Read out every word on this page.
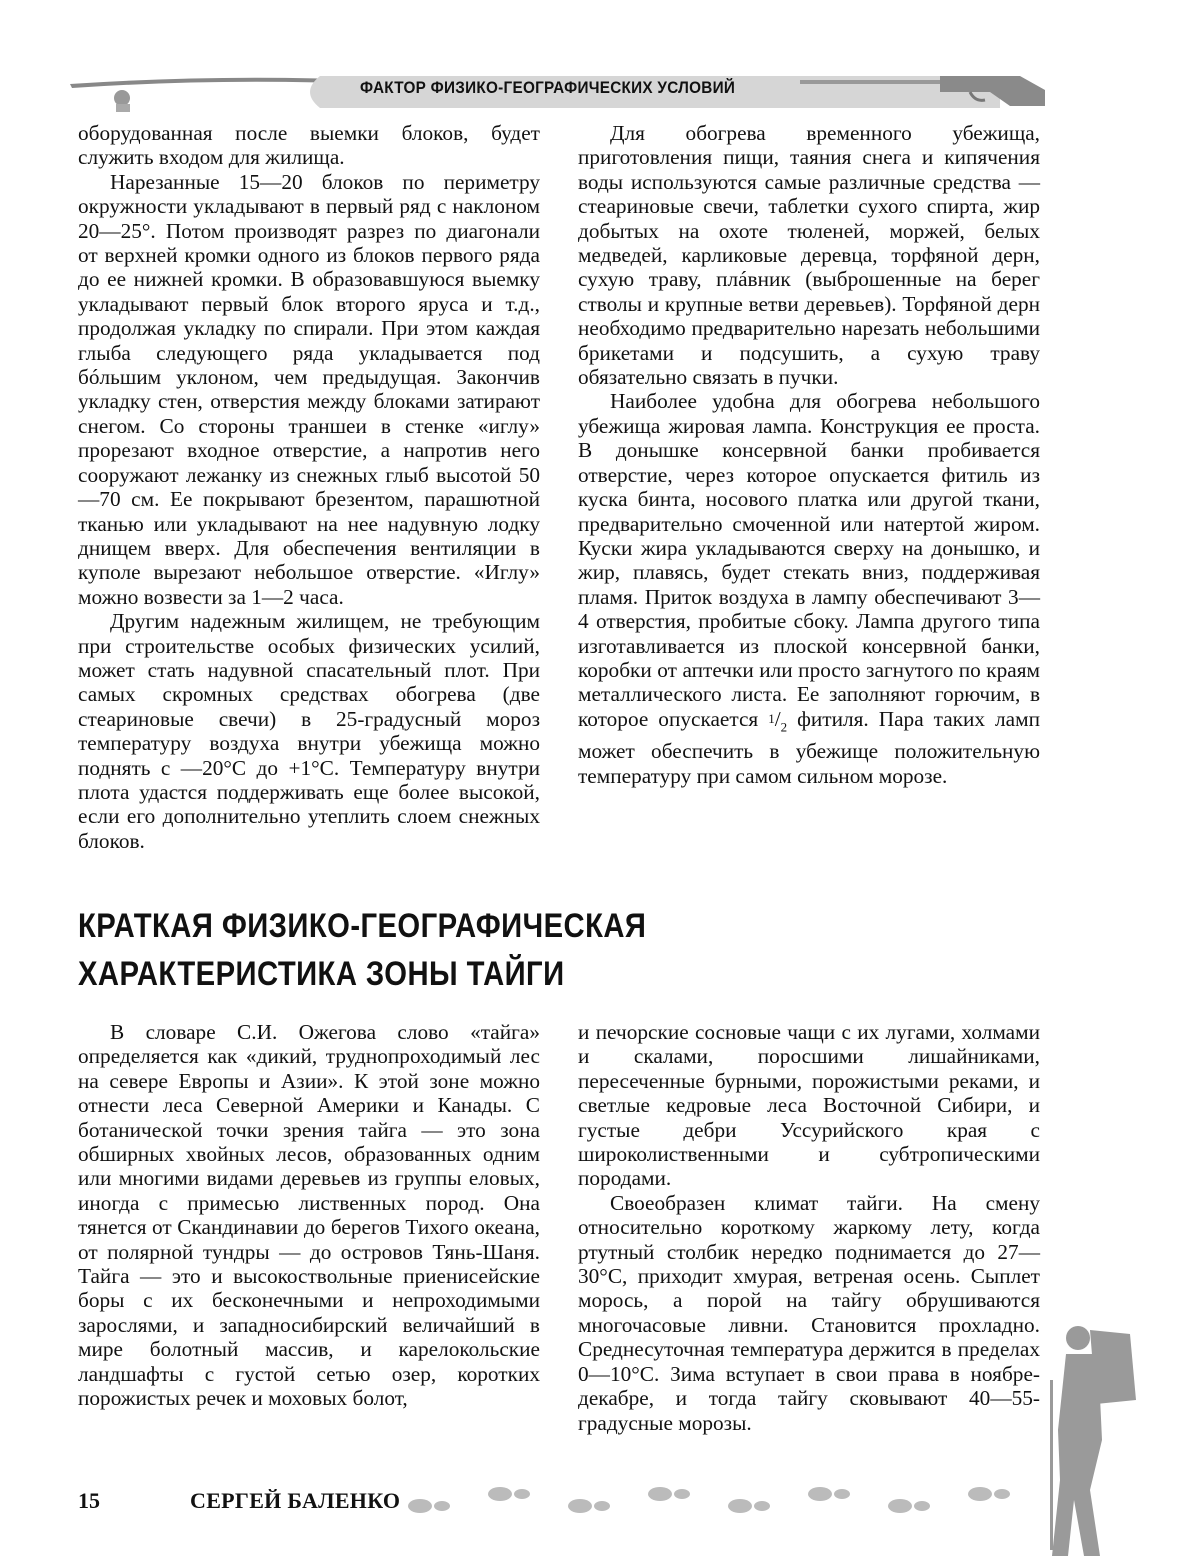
ФАКТОР ФИЗИКО-ГЕОГРАФИЧЕСКИХ УСЛОВИЙ

оборудованная после выемки блоков, будет служить входом для жилища.

Нарезанные 15—20 блоков по периметру окружности укладывают в первый ряд с наклоном 20—25°. Потом производят разрез по диагонали от верхней кромки одного из блоков первого ряда до ее нижней кромки. В образовавшуюся выемку укладывают первый блок второго яруса и т.д., продолжая укладку по спирали. При этом каждая глыба следующего ряда укладывается под бóльшим уклоном, чем предыдущая. Закончив укладку стен, отверстия между блоками затирают снегом. Со стороны траншеи в стенке «иглу» прорезают входное отверстие, а напротив него сооружают лежанку из снежных глыб высотой 50—70 см. Ее покрывают брезентом, парашютной тканью или укладывают на нее надувную лодку днищем вверх. Для обеспечения вентиляции в куполе вырезают небольшое отверстие. «Иглу» можно возвести за 1—2 часа.

Другим надежным жилищем, не требующим при строительстве особых физических усилий, может стать надувной спасательный плот. При самых скромных средствах обогрева (две стеариновые свечи) в 25-градусный мороз температуру воздуха внутри убежища можно поднять с —20°С до +1°С. Температуру внутри плота удастся поддерживать еще более высокой, если его дополнительно утеплить слоем снежных блоков.

Для обогрева временного убежища, приготовления пищи, таяния снега и кипячения воды используются самые различные средства — стеариновые свечи, таблетки сухого спирта, жир добытых на охоте тюленей, моржей, белых медведей, карликовые деревца, торфяной дерн, сухую траву, плáвник (выброшенные на берег стволы и крупные ветви деревьев). Торфяной дерн необходимо предварительно нарезать небольшими брикетами и подсушить, а сухую траву обязательно связать в пучки.

Наиболее удобна для обогрева небольшого убежища жировая лампа. Конструкция ее проста. В донышке консервной банки пробивается отверстие, через которое опускается фитиль из куска бинта, носового платка или другой ткани, предварительно смоченной или натертой жиром. Куски жира укладываются сверху на донышко, и жир, плавясь, будет стекать вниз, поддерживая пламя. Приток воздуха в лампу обеспечивают 3—4 отверстия, пробитые сбоку. Лампа другого типа изготавливается из плоской консервной банки, коробки от аптечки или просто загнутого по краям металлического листа. Ее заполняют горючим, в которое опускается $^1/_2$ фитиля. Пара таких ламп может обеспечить в убежище положительную температуру при самом сильном морозе.

КРАТКАЯ ФИЗИКО-ГЕОГРАФИЧЕСКАЯ
ХАРАКТЕРИСТИКА ЗОНЫ ТАЙГИ

В словаре С.И. Ожегова слово «тайга» определяется как «дикий, труднопроходимый лес на севере Европы и Азии». К этой зоне можно отнести леса Северной Америки и Канады. С ботанической точки зрения тайга — это зона обширных хвойных лесов, образованных одним или многими видами деревьев из группы еловых, иногда с примесью лиственных пород. Она тянется от Скандинавии до берегов Тихого океана, от полярной тундры — до островов Тянь-Шаня. Тайга — это и высокоствольные приенисейские боры с их бесконечными и непроходимыми зарослями, и западносибирский величайший в мире болотный массив, и карелокольские ландшафты с густой сетью озер, коротких порожистых речек и моховых болот,

и печорские сосновые чащи с их лугами, холмами и скалами, поросшими лишайниками, пересеченные бурными, порожистыми реками, и светлые кедровые леса Восточной Сибири, и густые дебри Уссурийского края с широколиственными и субтропическими породами.

Своеобразен климат тайги. На смену относительно короткому жаркому лету, когда ртутный столбик нередко поднимается до 27—30°С, приходит хмурая, ветреная осень. Сыплет морось, а порой на тайгу обрушиваются многочасовые ливни. Становится прохладно. Среднесуточная температура держится в пределах 0—10°С. Зима вступает в свои права в ноябре-декабре, и тогда тайгу сковывают 40—55-градусные морозы.

15	СЕРГЕЙ БАЛЕНКО
